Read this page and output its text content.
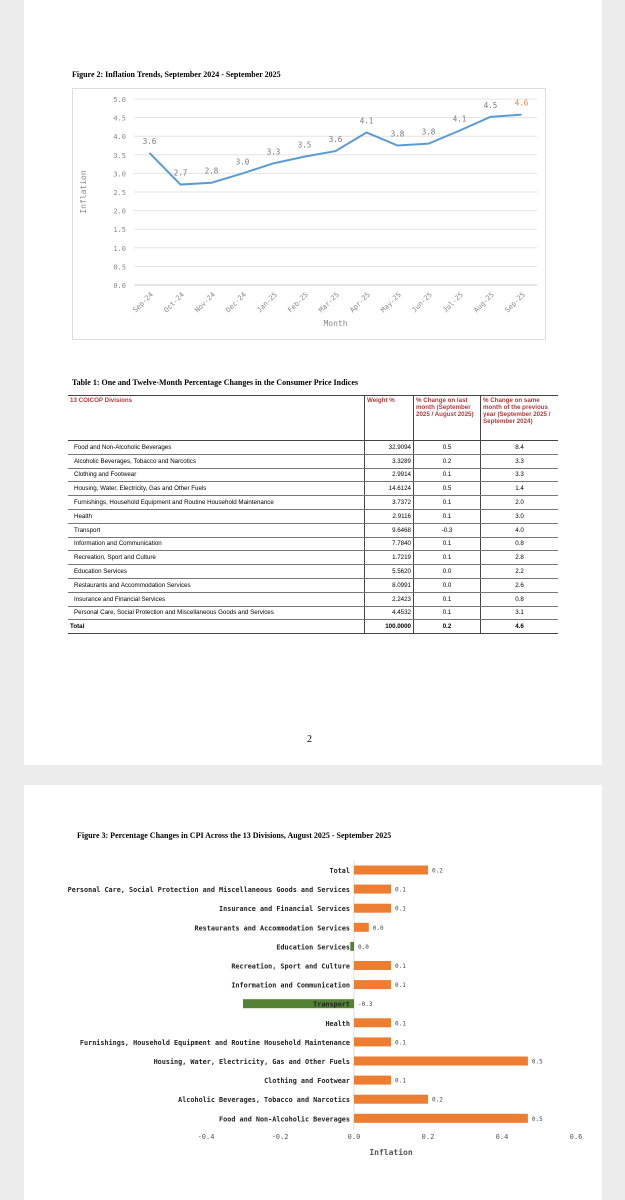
Figure 2: Inflation Trends, September 2024 - September 2025
0.0
0.5
1.0
1.5
2.0
2.5
3.0
3.5
4.0
4.5
5.0
Sep-24
3.6
Oct-24
2.7
Nov-24
2.8
Dec-24
3.0
Jan-25
3.3
Feb-25
3.5
Mar-25
3.6
Apr-25
4.1
May-25
3.8
Jun-25
3.8
Jul-25
4.1
Aug-25
4.5
Sep-25
4.6
Month
Inflation
Table 1: One and Twelve-Month Percentage Changes in the Consumer Price Indices
13 COICOP Divisions	Weight %	% Change on last month (September 2025 / August 2025)	% Change on same month of the previous year (September 2025 / September 2024)
Food and Non-Alcoholic Beverages	32.9094	0.5	8.4
Alcoholic Beverages, Tobacco and Narcotics	3.3289	0.2	3.3
Clothing and Footwear	2.9914	0.1	3.3
Housing, Water, Electricity, Gas and Other Fuels	14.6124	0.5	1.4
Furnishings, Household Equipment and Routine Household Maintenance	3.7372	0.1	2.0
Health	2.9116	0.1	3.0
Transport	9.6468	-0.3	4.0
Information and Communication	7.7840	0.1	0.8
Recreation, Sport and Culture	1.7219	0.1	2.8
Education Services	5.5620	0.0	2.2
Restaurants and Accommodation Services	8.0991	0.0	2.6
Insurance and Financial Services	2.2423	0.1	0.8
Personal Care, Social Protection and Miscellaneous Goods and Services	4.4532	0.1	3.1
Total	100.0000	0.2	4.6
2
Figure 3: Percentage Changes in CPI Across the 13 Divisions, August 2025 - September 2025
-0.4	-0.2	0.0	0.2	0.4	0.6
Total	0.2
Personal Care, Social Protection and Miscellaneous Goods and Services	0.1
Insurance and Financial Services	0.1
Restaurants and Accommodation Services	0.0
Education Services 0.0
Recreation, Sport and Culture	0.1
Information and Communication	0.1
Transport -0.3
Health	0.1
Furnishings, Household Equipment and Routine Household Maintenance	0.1
Housing, Water, Electricity, Gas and Other Fuels	0.5
Clothing and Footwear	0.1
Alcoholic Beverages, Tobacco and Narcotics	0.2
Food and Non-Alcoholic Beverages	0.5
Inflation
